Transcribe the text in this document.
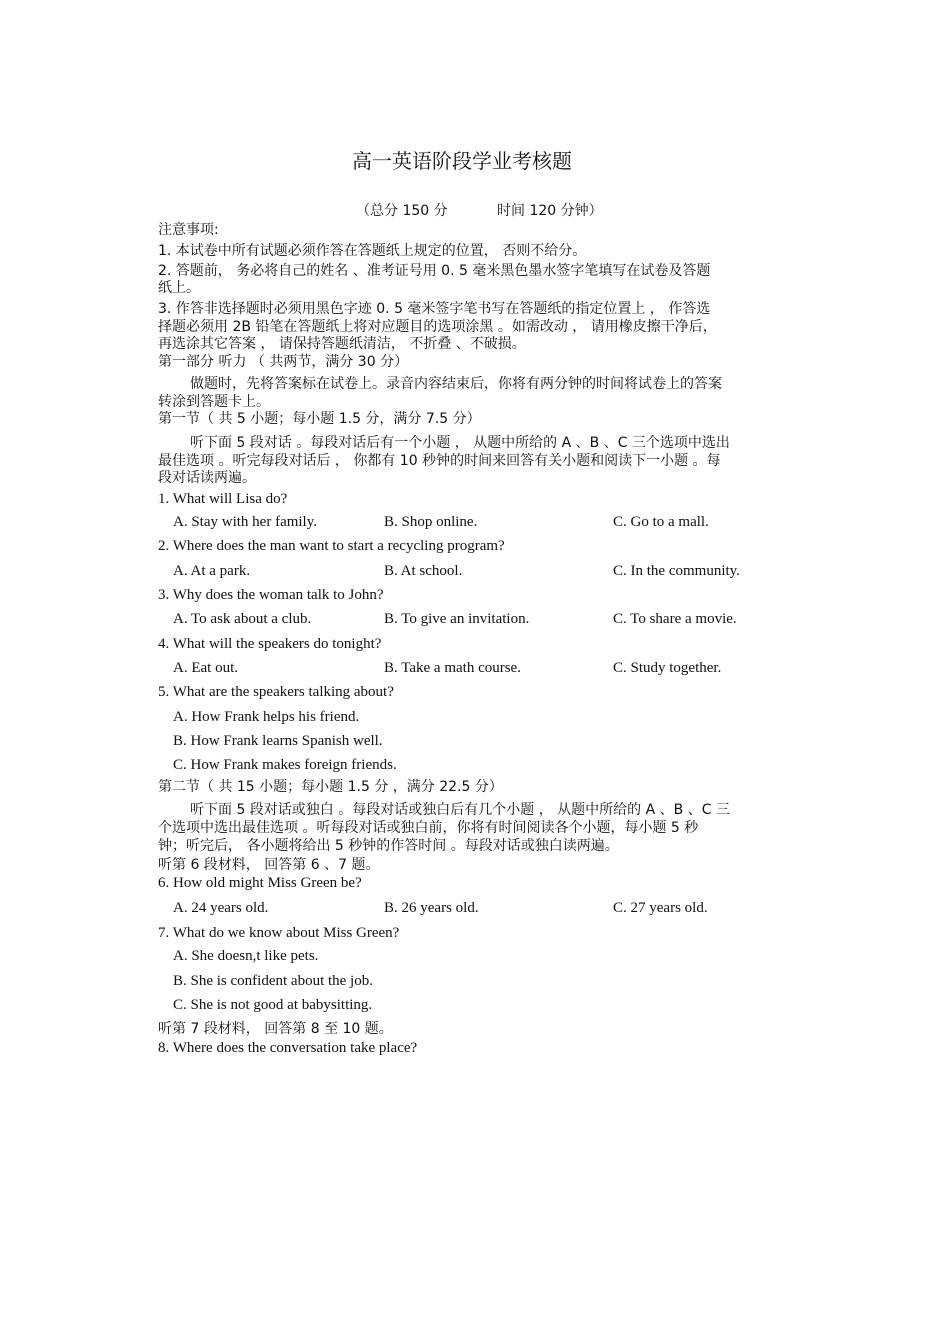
高一英语阶段学业考核题
（总分 150 分	时间 120 分钟）
注意事项:
1. 本试卷中所有试题必须作答在答题纸上规定的位置， 否则不给分。
2. 答题前， 务必将自己的姓名 、准考证号用 0. 5 毫米黑色墨水签字笔填写在试卷及答题
纸上。
3. 作答非选择题时必须用黑色字迹 0. 5 毫米签字笔书写在答题纸的指定位置上 ， 作答选
择题必须用 2B 铅笔在答题纸上将对应题目的选项涂黑 。如需改动 ， 请用橡皮擦干净后，
再选涂其它答案 ， 请保持答题纸清洁， 不折叠 、不破损。
第一部分 听力 （ 共两节，满分 30 分）
做题时，先将答案标在试卷上。录音内容结束后，你将有两分钟的时间将试卷上的答案
转涂到答题卡上。
第一节（ 共 5 小题；每小题 1.5 分，满分 7.5 分）
听下面 5 段对话 。每段对话后有一个小题 ， 从题中所给的 A 、B 、C 三个选项中选出
最佳选项 。听完每段对话后 ， 你都有 10 秒钟的时间来回答有关小题和阅读下一小题 。每
段对话读两遍。
1. What will Lisa do?
A. Stay with her family.	B. Shop online.	C. Go to a mall.
2. Where does the man want to start a recycling program?
A. At a park.	B. At school.	C. In the community.
3. Why does the woman talk to John?
A. To ask about a club.	B. To give an invitation.	C. To share a movie.
4. What will the speakers do tonight?
A. Eat out.	B. Take a math course.	C. Study together.
5. What are the speakers talking about?
A. How Frank helps his friend.
B. How Frank learns Spanish well.
C. How Frank makes foreign friends.
第二节（ 共 15 小题；每小题 1.5 分 ，满分 22.5 分）
听下面 5 段对话或独白 。每段对话或独白后有几个小题 ， 从题中所给的 A 、B 、C 三
个选项中选出最佳选项 。听每段对话或独白前，你将有时间阅读各个小题，每小题 5 秒
钟；听完后， 各小题将给出 5 秒钟的作答时间 。每段对话或独白读两遍。
听第 6 段材料， 回答第 6 、7 题。
6. How old might Miss Green be?
A. 24 years old.	B. 26 years old.	C. 27 years old.
7. What do we know about Miss Green?
A. She doesn,t like pets.
B. She is confident about the job.
C. She is not good at babysitting.
听第 7 段材料， 回答第 8 至 10 题。
8. Where does the conversation take place?
